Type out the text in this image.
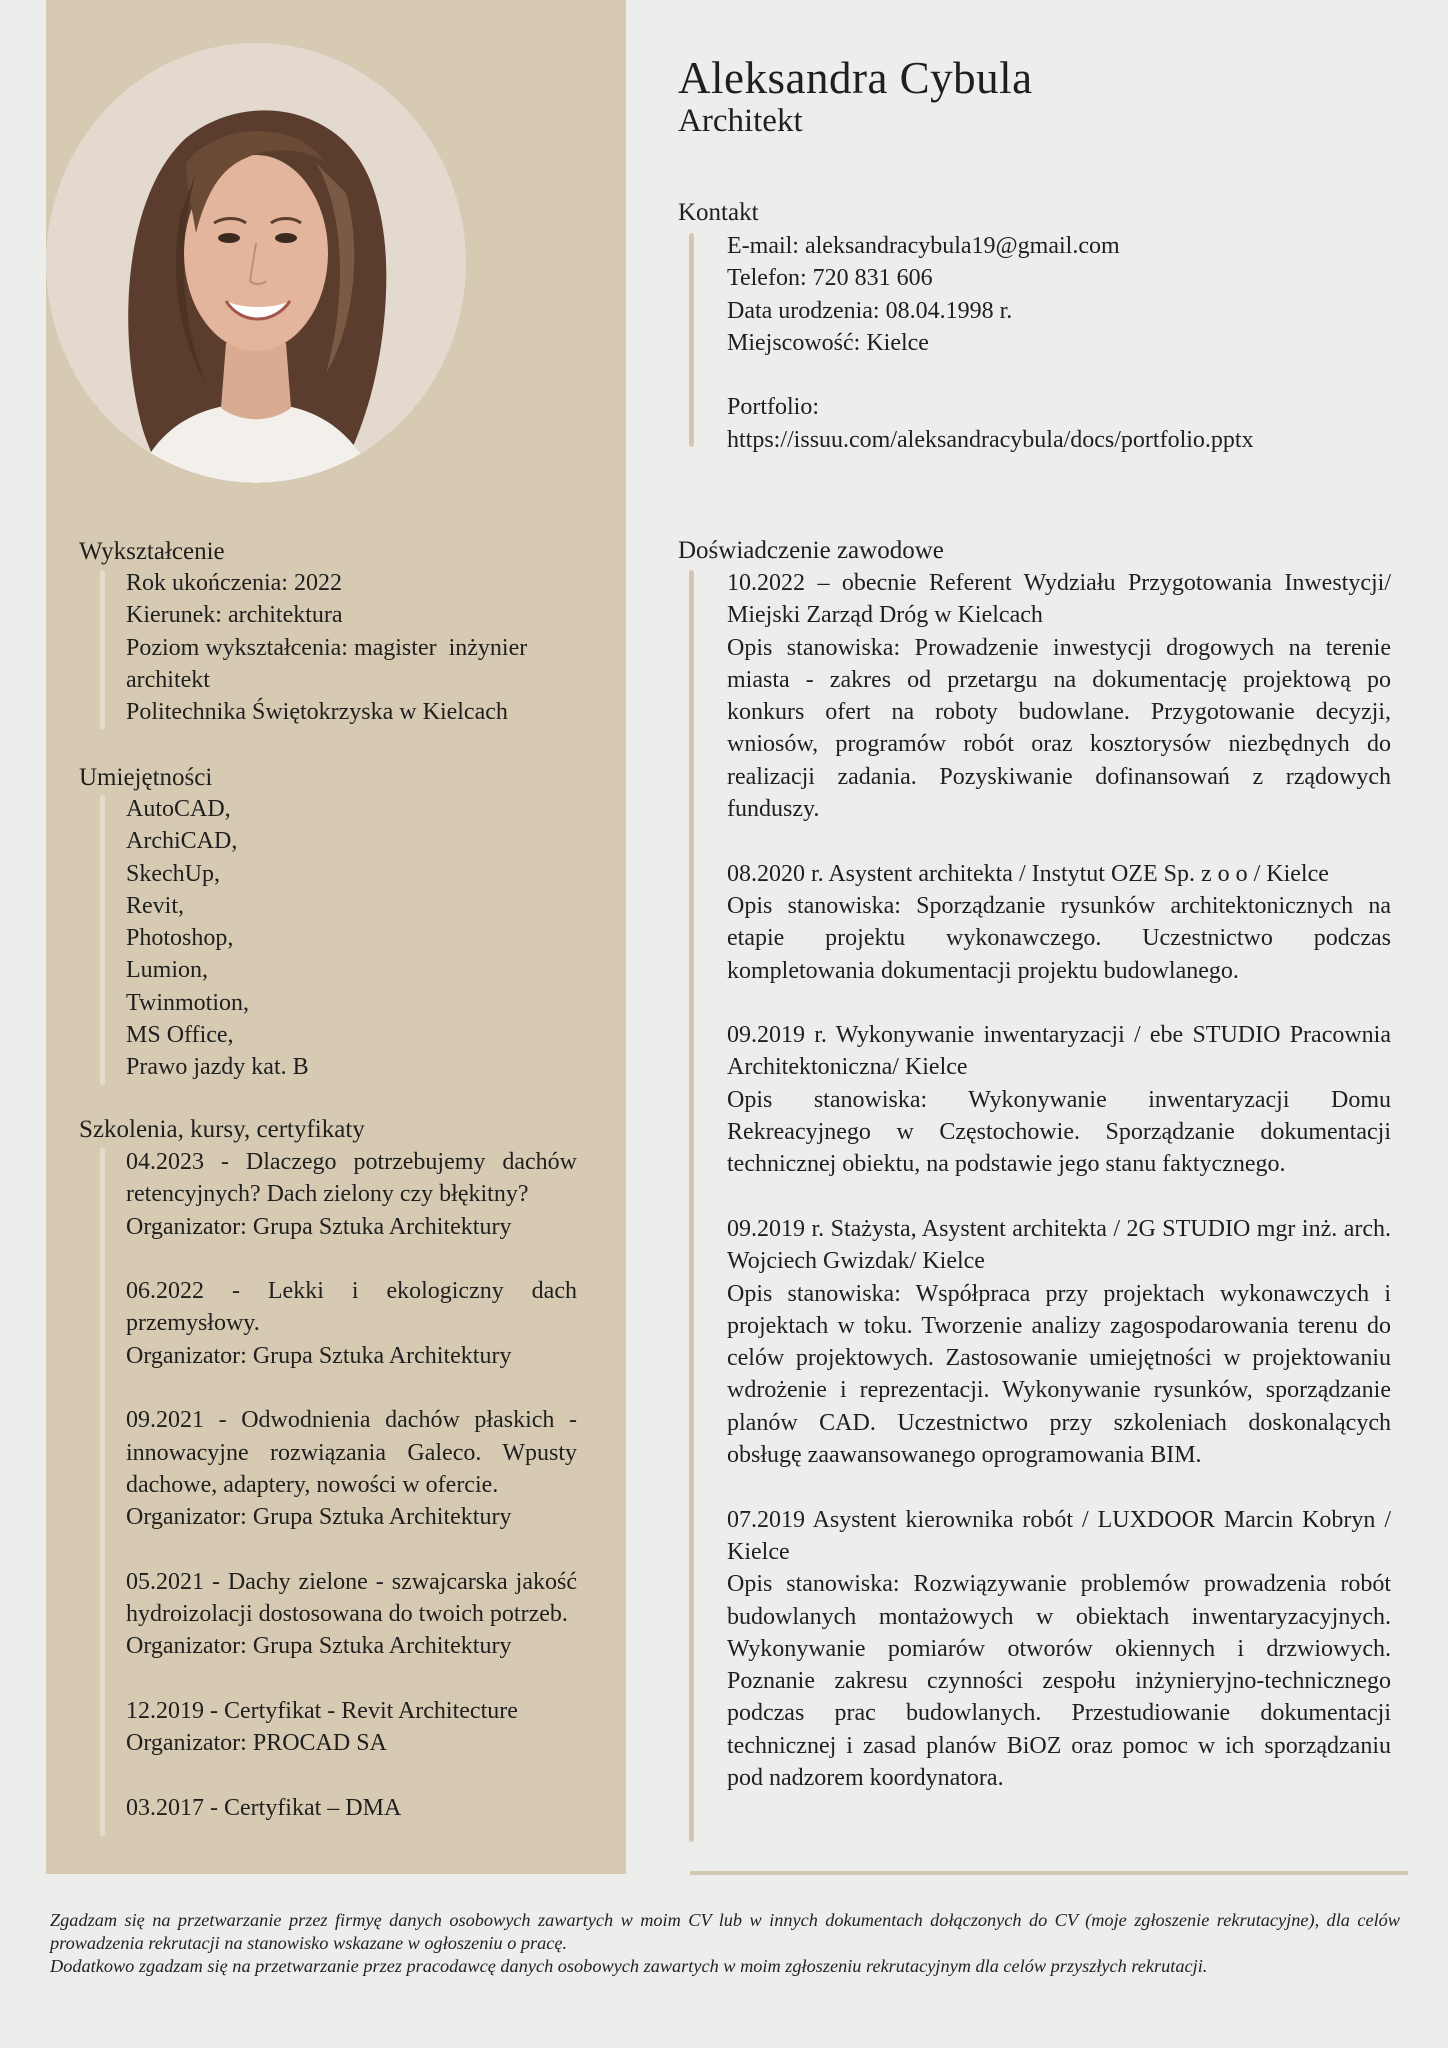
Aleksandra Cybula
Architekt
Kontakt
E-mail: aleksandracybula19@gmail.com
Telefon: 720 831 606
Data urodzenia: 08.04.1998 r.
Miejscowość: Kielce
Portfolio:
https://issuu.com/aleksandracybula/docs/portfolio.pptx
Wykształcenie
Rok ukończenia: 2022
Kierunek: architektura
Poziom wykształcenia: magister  inżynier
architekt
Politechnika Świętokrzyska w Kielcach
Umiejętności
AutoCAD,
ArchiCAD,
SkechUp,
Revit,
Photoshop,
Lumion,
Twinmotion,
MS Office,
Prawo jazdy kat. B
Szkolenia, kursy, certyfikaty
04.2023 - Dlaczego potrzebujemy dachów retencyjnych? Dach zielony czy błękitny?
Organizator: Grupa Sztuka Architektury
06.2022 - Lekki i ekologiczny dach przemysłowy.
Organizator: Grupa Sztuka Architektury
09.2021 - Odwodnienia dachów płaskich - innowacyjne rozwiązania Galeco. Wpusty dachowe, adaptery, nowości w ofercie.
Organizator: Grupa Sztuka Architektury
05.2021 - Dachy zielone - szwajcarska jakość hydroizolacji dostosowana do twoich potrzeb.
Organizator: Grupa Sztuka Architektury
12.2019 - Certyfikat - Revit Architecture
Organizator: PROCAD SA
03.2017 - Certyfikat – DMA
Doświadczenie zawodowe
10.2022 – obecnie Referent Wydziału Przygotowania Inwestycji/ Miejski Zarząd Dróg w Kielcach
Opis stanowiska: Prowadzenie inwestycji drogowych na terenie miasta - zakres od przetargu na dokumentację projektową po konkurs ofert na roboty budowlane. Przygotowanie decyzji, wniosów, programów robót oraz kosztorysów niezbędnych do realizacji zadania. Pozyskiwanie dofinansowań z rządowych funduszy.
08.2020 r. Asystent architekta / Instytut OZE Sp. z o o / Kielce
Opis stanowiska: Sporządzanie rysunków architektonicznych na etapie projektu wykonawczego. Uczestnictwo podczas kompletowania dokumentacji projektu budowlanego.
09.2019 r. Wykonywanie inwentaryzacji / ebe STUDIO Pracownia Architektoniczna/ Kielce
Opis stanowiska: Wykonywanie inwentaryzacji Domu Rekreacyjnego w Częstochowie. Sporządzanie dokumentacji technicznej obiektu, na podstawie jego stanu faktycznego.
09.2019 r. Stażysta, Asystent architekta / 2G STUDIO mgr inż. arch. Wojciech Gwizdak/ Kielce
Opis stanowiska: Współpraca przy projektach wykonawczych i projektach w toku. Tworzenie analizy zagospodarowania terenu do celów projektowych. Zastosowanie umiejętności w projektowaniu wdrożenie i reprezentacji. Wykonywanie rysunków, sporządzanie planów CAD. Uczestnictwo przy szkoleniach doskonalących obsługę zaawansowanego oprogramowania BIM.
07.2019 Asystent kierownika robót / LUXDOOR Marcin Kobryn / Kielce
Opis stanowiska: Rozwiązywanie problemów prowadzenia robót budowlanych montażowych w obiektach inwentaryzacyjnych. Wykonywanie pomiarów otworów okiennych i drzwiowych. Poznanie zakresu czynności zespołu inżynieryjno-technicznego podczas prac budowlanych. Przestudiowanie dokumentacji technicznej i zasad planów BiOZ oraz pomoc w ich sporządzaniu pod nadzorem koordynatora.

Zgadzam się na przetwarzanie przez firmyę danych osobowych zawartych w moim CV lub w innych dokumentach dołączonych do CV (moje zgłoszenie rekrutacyjne), dla celów prowadzenia rekrutacji na stanowisko wskazane w ogłoszeniu o pracę.

Dodatkowo zgadzam się na przetwarzanie przez pracodawcę danych osobowych zawartych w moim zgłoszeniu rekrutacyjnym dla celów przyszłych rekrutacji.
